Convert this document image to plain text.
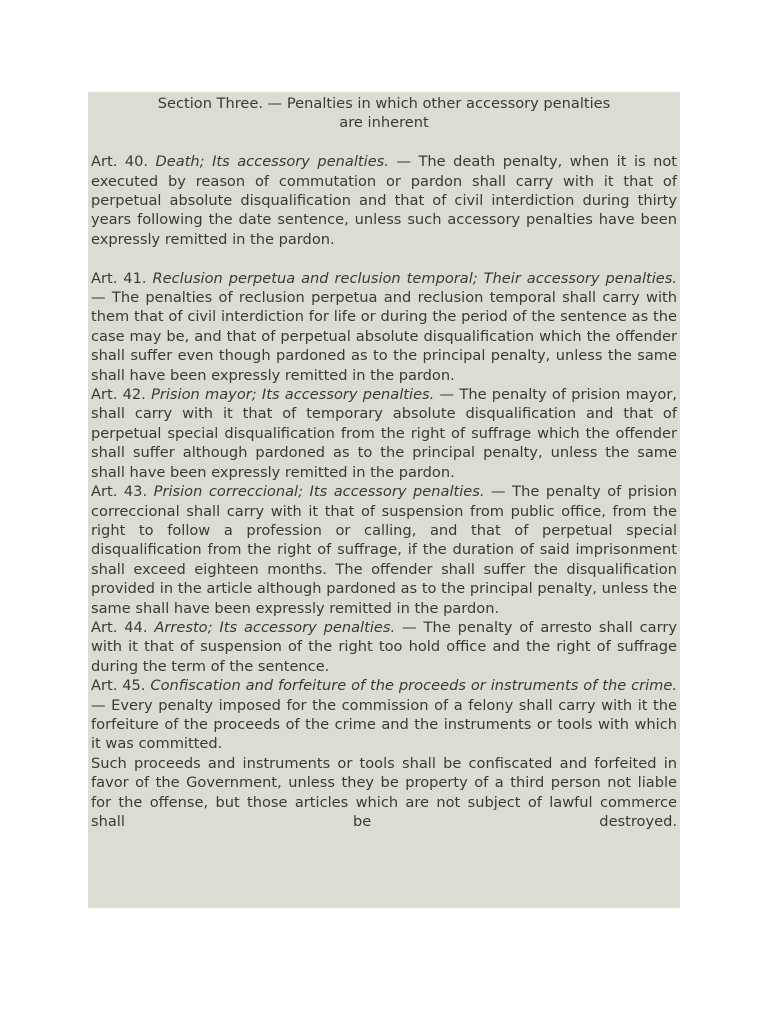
Section Three. — Penalties in which other accessory penalties
are inherent

Art. 40. Death; Its accessory penalties. — The death penalty, when it is not executed by reason of commutation or pardon shall carry with it that of perpetual absolute disqualification and that of civil interdiction during thirty years following the date sentence, unless such accessory penalties have been expressly remitted in the pardon.

Art. 41. Reclusion perpetua and reclusion temporal; Their accessory penalties. — The penalties of reclusion perpetua and reclusion temporal shall carry with them that of civil interdiction for life or during the period of the sentence as the case may be, and that of perpetual absolute disqualification which the offender shall suffer even though pardoned as to the principal penalty, unless the same shall have been expressly remitted in the pardon.

Art. 42. Prision mayor; Its accessory penalties. — The penalty of prision mayor, shall carry with it that of temporary absolute disqualification and that of perpetual special disqualification from the right of suffrage which the offender shall suffer although pardoned as to the principal penalty, unless the same shall have been expressly remitted in the pardon.

Art. 43. Prision correccional; Its accessory penalties. — The penalty of prision correccional shall carry with it that of suspension from public office, from the right to follow a profession or calling, and that of perpetual special disqualification from the right of suffrage, if the duration of said imprisonment shall exceed eighteen months. The offender shall suffer the disqualification provided in the article although pardoned as to the principal penalty, unless the same shall have been expressly remitted in the pardon.

Art. 44. Arresto; Its accessory penalties. — The penalty of arresto shall carry with it that of suspension of the right too hold office and the right of suffrage during the term of the sentence.

Art. 45. Confiscation and forfeiture of the proceeds or instruments of the crime. — Every penalty imposed for the commission of a felony shall carry with it the forfeiture of the proceeds of the crime and the instruments or tools with which it was committed.

Such proceeds and instruments or tools shall be confiscated and forfeited in favor of the Government, unless they be property of a third person not liable for the offense, but those articles which are not subject of lawful commerce shall be destroyed.
